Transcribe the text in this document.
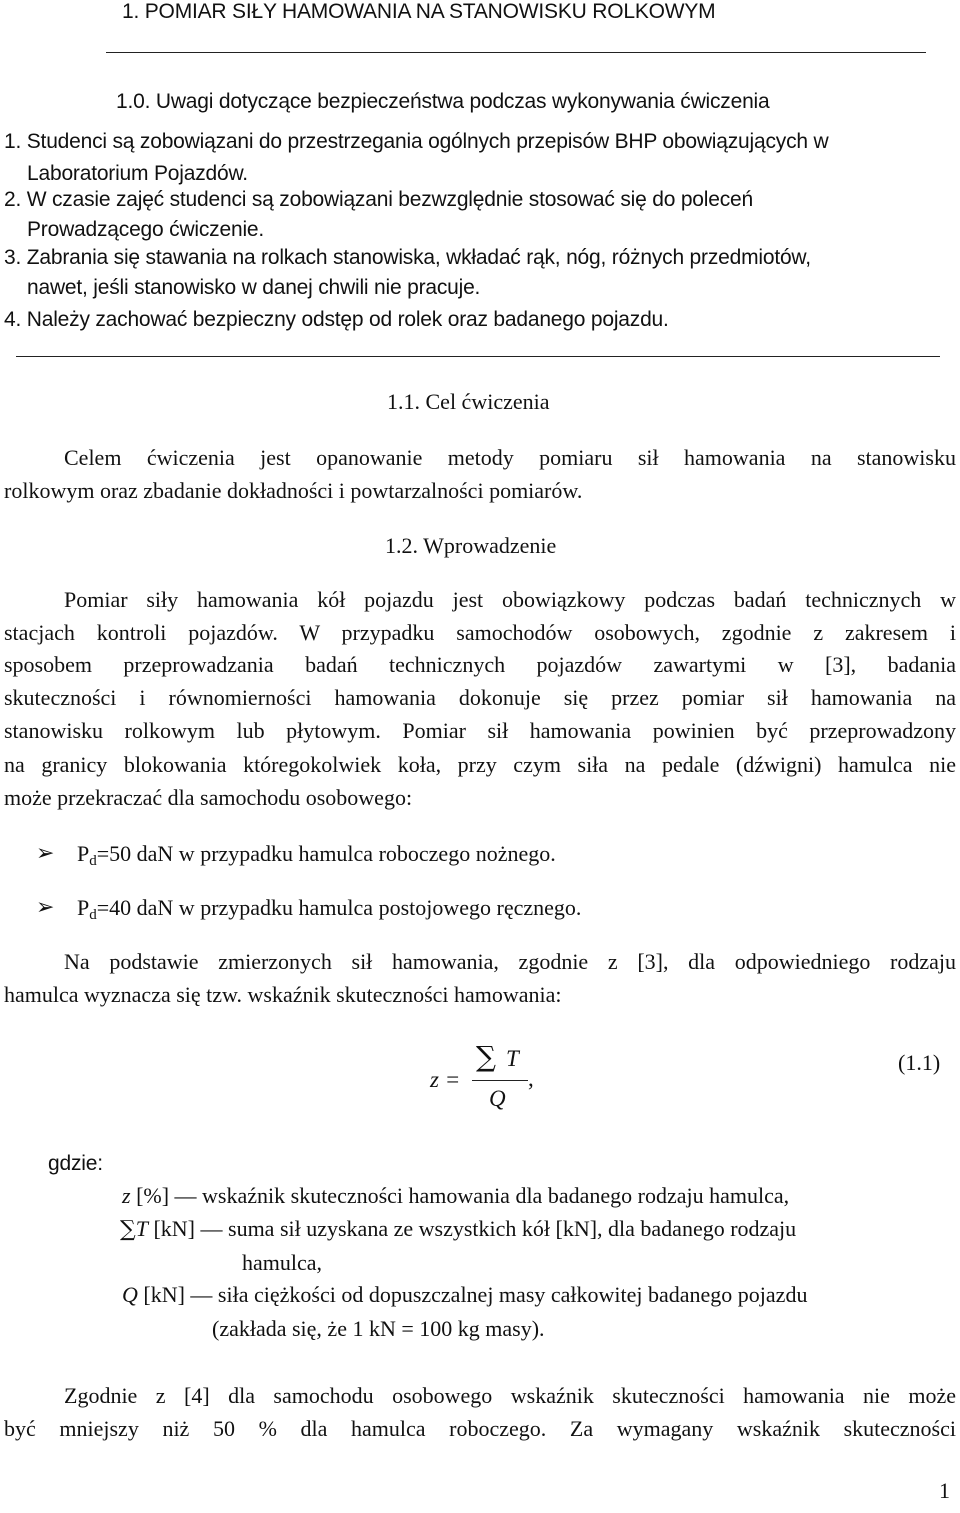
1. POMIAR SIŁY HAMOWANIA NA STANOWISKU ROLKOWYM
1.0. Uwagi dotyczące bezpieczeństwa podczas wykonywania ćwiczenia
1. Studenci są zobowiązani do przestrzegania ogólnych przepisów BHP obowiązujących w
Laboratorium Pojazdów.
2. W czasie zajęć studenci są zobowiązani bezwzględnie stosować się do poleceń
Prowadzącego ćwiczenie.
3. Zabrania się stawania na rolkach stanowiska, wkładać rąk, nóg, różnych przedmiotów,
nawet, jeśli stanowisko w danej chwili nie pracuje.
4. Należy zachować bezpieczny odstęp od rolek oraz badanego pojazdu.
1.1. Cel ćwiczenia
Celem ćwiczenia jest opanowanie metody pomiaru sił hamowania na stanowisku
rolkowym oraz zbadanie dokładności i powtarzalności pomiarów.
1.2. Wprowadzenie
Pomiar siły hamowania kół pojazdu jest obowiązkowy podczas badań technicznych w
stacjach kontroli pojazdów. W przypadku samochodów osobowych, zgodnie z zakresem i
sposobem przeprowadzania badań technicznych pojazdów zawartymi w [3], badania
skuteczności i równomierności hamowania dokonuje się przez pomiar sił hamowania na
stanowisku rolkowym lub płytowym. Pomiar sił hamowania powinien być przeprowadzony
na granicy blokowania któregokolwiek koła, przy czym siła na pedale (dźwigni) hamulca nie
może przekraczać dla samochodu osobowego:
➢ $P_d=50$ daN w przypadku hamulca roboczego nożnego.
➢ $P_d=40$ daN w przypadku hamulca postojowego ręcznego.
Na podstawie zmierzonych sił hamowania, zgodnie z [3], dla odpowiedniego rodzaju
hamulca wyznacza się tzw. wskaźnik skuteczności hamowania:
z =
∑ T
Q
,
(1.1)
gdzie:
z [%] — wskaźnik skuteczności hamowania dla badanego rodzaju hamulca,
∑T [kN] — suma sił uzyskana ze wszystkich kół [kN], dla badanego rodzaju
hamulca,
Q [kN] — siła ciężkości od dopuszczalnej masy całkowitej badanego pojazdu
(zakłada się, że 1 kN = 100 kg masy).
Zgodnie z [4] dla samochodu osobowego wskaźnik skuteczności hamowania nie może
być mniejszy niż 50 % dla hamulca roboczego. Za wymagany wskaźnik skuteczności
1
